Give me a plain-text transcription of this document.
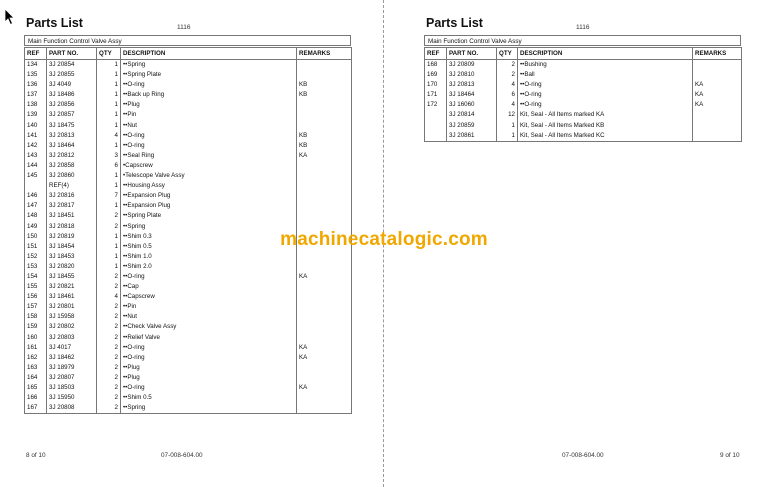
Parts List	1116
Main Function Control Valve Assy
REF	PART NO.	QTY	DESCRIPTION	REMARKS
134	3J 20854	1	••Spring	
135	3J 20855	1	••Spring Plate	
136	3J 4049	1	••O-ring	KB
137	3J 18486	1	••Back up Ring	KB
138	3J 20856	1	••Plug	
139	3J 20857	1	••Pin	
140	3J 18475	1	••Nut	
141	3J 20813	4	••O-ring	KB
142	3J 18464	1	••O-ring	KB
143	3J 20812	3	••Seal Ring	KA
144	3J 20858	6	•Capscrew	
145	3J 20860	1	•Telescope Valve Assy	
	REF(4)	1	••Housing Assy	
146	3J 20816	7	••Expansion Plug	
147	3J 20817	1	••Expansion Plug	
148	3J 18451	2	••Spring Plate	
149	3J 20818	2	••Spring	
150	3J 20819	1	••Shim 0.3	
151	3J 18454	1	••Shim 0.5	
152	3J 18453	1	••Shim 1.0	
153	3J 20820	1	••Shim 2.0	
154	3J 18455	2	••O-ring	KA
155	3J 20821	2	••Cap	
156	3J 18461	4	••Capscrew	
157	3J 20801	2	••Pin	
158	3J 15958	2	••Nut	
159	3J 20802	2	••Check Valve Assy	
160	3J 20803	2	••Relief Valve	
161	3J 4017	2	••O-ring	KA
162	3J 18462	2	••O-ring	KA
163	3J 18979	2	••Plug	
164	3J 20807	2	••Plug	
165	3J 18503	2	••O-ring	KA
166	3J 15950	2	••Shim 0.5	
167	3J 20808	2	••Spring	
8 of 10	07-008-604.00
Parts List	1116
Main Function Control Valve Assy
REF	PART NO.	QTY	DESCRIPTION	REMARKS
168	3J 20809	2	••Bushing	
169	3J 20810	2	••Ball	
170	3J 20813	4	••O-ring	KA
171	3J 18464	6	••O-ring	KA
172	3J 16060	4	••O-ring	KA
	3J 20814	12	Kit, Seal - All Items marked KA	
	3J 20859	1	Kit, Seal - All Items Marked KB	
	3J 20861	1	Kit, Seal - All Items Marked KC	
9 of 10
07-008-604.00
machinecatalogic.com
